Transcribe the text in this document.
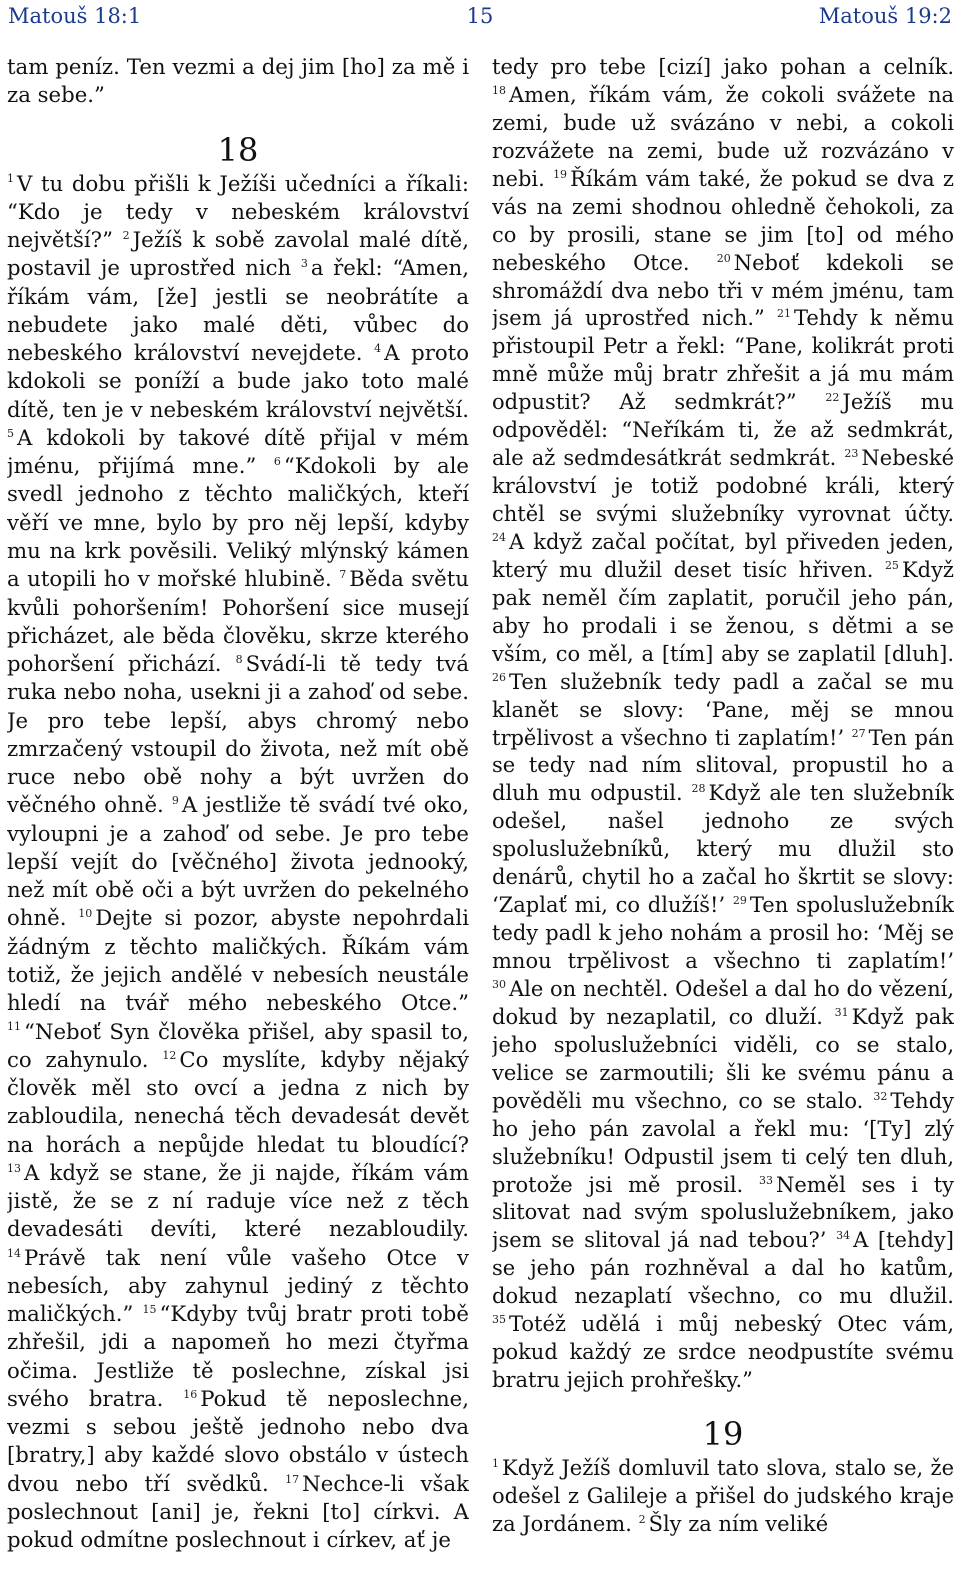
Matouš 18:1	15	Matouš 19:2

tam peníz. Ten vezmi a dej jim [ho] za mě i za sebe.”

18

$^1$ V tu dobu přišli k Ježíši učedníci a říkali: “Kdo je tedy v nebeském království největší?” $^2$ Ježíš k sobě zavolal malé dítě, postavil je uprostřed nich $^3$ a řekl: “Amen, říkám vám, [že] jestli se neobrátíte a nebudete jako malé děti, vůbec do nebeského království nevejdete. $^4$ A proto kdokoli se poníží a bude jako toto malé dítě, ten je v nebeském království největší. $^5$ A kdokoli by takové dítě přijal v mém jménu, přijímá mne.” $^6$ “Kdokoli by ale svedl jednoho z těchto maličkých, kteří věří ve mne, bylo by pro něj lepší, kdyby mu na krk pověsili. Veliký mlýnský kámen a utopili ho v mořské hlubině. $^7$ Běda světu kvůli pohoršením! Pohoršení sice musejí přicházet, ale běda člověku, skrze kterého pohoršení přichází. $^8$ Svádí-li tě tedy tvá ruka nebo noha, usekni ji a zahoď od sebe. Je pro tebe lepší, abys chromý nebo zmrzačený vstoupil do života, než mít obě ruce nebo obě nohy a být uvržen do věčného ohně. $^9$ A jestliže tě svádí tvé oko, vyloupni je a zahoď od sebe. Je pro tebe lepší vejít do [věčného] života jednooký, než mít obě oči a být uvržen do pekelného ohně. $^{10}$ Dejte si pozor, abyste nepohrdali žádným z těchto maličkých. Říkám vám totiž, že jejich andělé v nebesích neustále hledí na tvář mého nebeského Otce.” $^{11}$ “Neboť Syn člověka přišel, aby spasil to, co zahynulo. $^{12}$ Co myslíte, kdyby nějaký člověk měl sto ovcí a jedna z nich by zabloudila, nenechá těch devadesát devět na horách a nepůjde hledat tu bloudící? $^{13}$ A když se stane, že ji najde, říkám vám jistě, že se z ní raduje více než z těch devadesáti devíti, které nezabloudily. $^{14}$ Právě tak není vůle vašeho Otce v nebesích, aby zahynul jediný z těchto maličkých.” $^{15}$ “Kdyby tvůj bratr proti tobě zhřešil, jdi a napomeň ho mezi čtyřma očima. Jestliže tě poslechne, získal jsi svého bratra. $^{16}$ Pokud tě neposlechne, vezmi s sebou ještě jednoho nebo dva [bratry,] aby každé slovo obstálo v ústech dvou nebo tří svědků. $^{17}$ Nechce-li však poslechnout [ani] je, řekni [to] církvi. A pokud odmítne poslechnout i církev, ať je

tedy pro tebe [cizí] jako pohan a celník. $^{18}$ Amen, říkám vám, že cokoli svážete na zemi, bude už svázáno v nebi, a cokoli rozvážete na zemi, bude už rozvázáno v nebi. $^{19}$ Říkám vám také, že pokud se dva z vás na zemi shodnou ohledně čehokoli, za co by prosili, stane se jim [to] od mého nebeského Otce. $^{20}$ Neboť kdekoli se shromáždí dva nebo tři v mém jménu, tam jsem já uprostřed nich.” $^{21}$ Tehdy k němu přistoupil Petr a řekl: “Pane, kolikrát proti mně může můj bratr zhřešit a já mu mám odpustit? Až sedmkrát?”	$^{22}$ Ježíš mu odpověděl: “Neříkám ti, že až sedmkrát, ale až sedmdesátkrát sedmkrát. $^{23}$ Nebeské království je totiž podobné králi, který chtěl se svými služebníky vyrovnat účty. $^{24}$ A když začal počítat, byl přiveden jeden, který mu dlužil deset tisíc hřiven. $^{25}$ Když pak neměl čím zaplatit, poručil jeho pán, aby ho prodali i se ženou, s dětmi a se vším, co měl, a [tím] aby se zaplatil [dluh]. $^{26}$ Ten služebník tedy padl a začal se mu klanět se slovy: ‘Pane, měj se mnou trpělivost a všechno ti zaplatím!’ $^{27}$ Ten pán se tedy nad ním slitoval, propustil ho a dluh mu odpustil. $^{28}$ Když ale ten služebník odešel, našel jednoho ze svých spoluslužebníků, který mu dlužil sto denárů, chytil ho a začal ho škrtit se slovy: ‘Zaplať mi, co dlužíš!’ $^{29}$ Ten spoluslužebník tedy padl k jeho nohám a prosil ho: ‘Měj se mnou trpělivost a všechno ti zaplatím!’ $^{30}$ Ale on nechtěl. Odešel a dal ho do vězení, dokud by nezaplatil, co dluží. $^{31}$ Když pak jeho spoluslužebníci viděli, co se stalo, velice se zarmoutili; šli ke svému pánu a pověděli mu všechno, co se stalo. $^{32}$ Tehdy ho jeho pán zavolal a řekl mu: ‘[Ty] zlý služebníku! Odpustil jsem ti celý ten dluh, protože jsi mě prosil. $^{33}$ Neměl ses i ty slitovat nad svým spoluslužebníkem, jako jsem se slitoval já nad tebou?’ $^{34}$ A [tehdy] se jeho pán rozhněval a dal ho katům, dokud nezaplatí všechno, co mu dlužil. $^{35}$ Totéž udělá i můj nebeský Otec vám, pokud každý ze srdce neodpustíte svému bratru jejich prohřešky.”

19

$^1$ Když Ježíš domluvil tato slova, stalo se, že odešel z Galileje a přišel do judského kraje za Jordánem. $^2$ Šly za ním veliké
